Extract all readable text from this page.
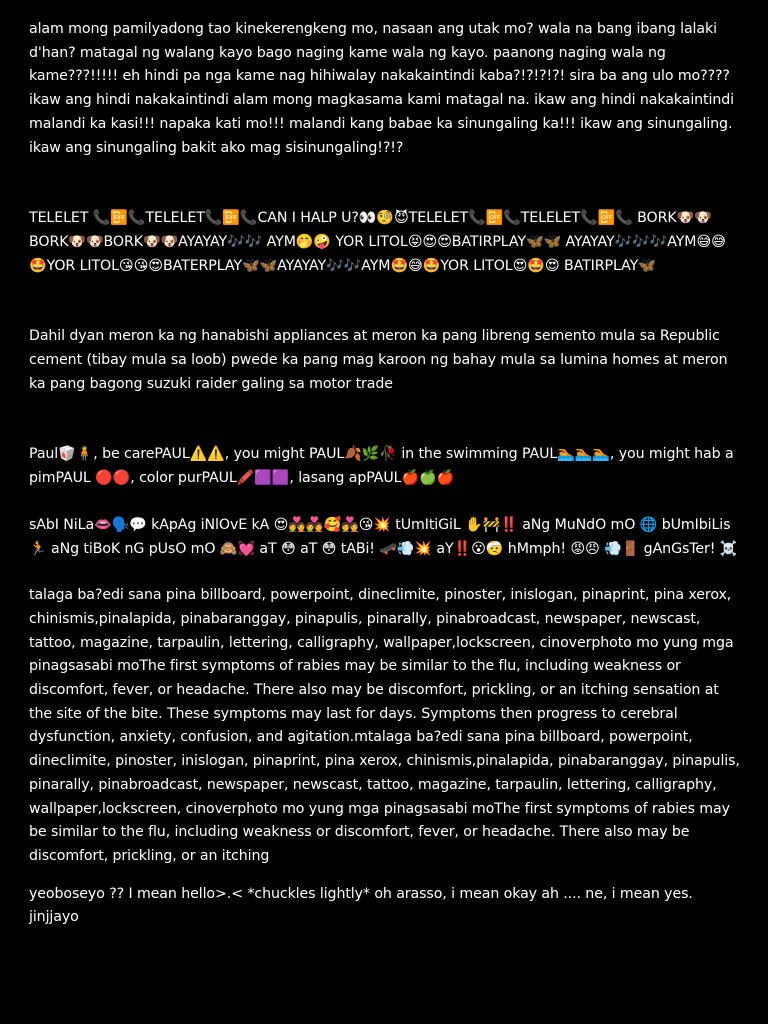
alam mong pamilyadong tao kinekerengkeng mo, nasaan ang utak mo? wala na bang ibang lalaki d'han? matagal ng walang kayo bago naging kame wala ng kayo. paanong naging wala ng kame???!!!!! eh hindi pa nga kame nag hihiwalay nakakaintindi kaba?!?!?!?! sira ba ang ulo mo???? ikaw ang hindi nakakaintindi alam mong magkasama kami matagal na. ikaw ang hindi nakakaintindi malandi ka kasi!!! napaka kati mo!!! malandi kang babae ka sinungaling ka!!! ikaw ang sinungaling. ikaw ang sinungaling bakit ako mag sisinungaling!?!?

TELELET 📞📴📞TELELET📞📴📞CAN I HALP U?👀🧐😈TELELET📞📴📞TELELET📞📴📞 BORK🐶🐶BORK🐶🐶BORK🐶🐶AYAYAY🎶🎶 AYM🤭🤪 YOR LITOL😝😍😍BATIRPLAY🦋🦋 AYAYAY🎶🎶🎶AYM😅😅🤩YOR LITOL😘😘😍BATERPLAY🦋🦋AYAYAY🎶🎶AYM🤩😅🤩YOR LITOL😍🤩😍 BATIRPLAY🦋

Dahil dyan meron ka ng hanabishi appliances at meron ka pang libreng semento mula sa Republic cement (tibay mula sa loob) pwede ka pang mag karoon ng bahay mula sa lumina homes at meron ka pang bagong suzuki raider galing sa motor trade

Paul🥡🧍, be carePAUL⚠️⚠️, you might PAUL🍂🌿🥀 in the swimming PAUL🏊🏊🏊, you might hab a pimPAUL 🔴🔴, color purPAUL🖍️🟪🟪, lasang apPAUL🍎🍏🍎

sAbI NiLa👄🗣️💬 kApAg iNlOvE kA 😍💑💑🥰💑😘💥 tUmItiGiL ✋🚧‼️ aNg MuNdO mO 🌐 bUmIbiLis 🏃 aNg tiBoK nG pUsO mO 🙈💓 aT 😳 aT 😳 tABi! 🛹💨💥 aY‼️😮🤕 hMmph! 😡😠 💨🚪 gAnGsTer! ☠️

talaga ba?edi sana pina billboard, powerpoint, dineclimite, pinoster, inislogan, pinaprint, pina xerox, chinismis,pinalapida, pinabaranggay, pinapulis, pinarally, pinabroadcast, newspaper, newscast, tattoo, magazine, tarpaulin, lettering, calligraphy, wallpaper,lockscreen, cinoverphoto mo yung mga pinagsasabi moThe first symptoms of rabies may be similar to the flu, including weakness or discomfort, fever, or headache. There also may be discomfort, prickling, or an itching sensation at the site of the bite. These symptoms may last for days. Symptoms then progress to cerebral dysfunction, anxiety, confusion, and agitation.mtalaga ba?edi sana pina billboard, powerpoint, dineclimite, pinoster, inislogan, pinaprint, pina xerox, chinismis,pinalapida, pinabaranggay, pinapulis, pinarally, pinabroadcast, newspaper, newscast, tattoo, magazine, tarpaulin, lettering, calligraphy, wallpaper,lockscreen, cinoverphoto mo yung mga pinagsasabi moThe first symptoms of rabies may be similar to the flu, including weakness or discomfort, fever, or headache. There also may be discomfort, prickling, or an itching

yeoboseyo ?? I mean hello>.< *chuckles lightly* oh arasso, i mean okay ah .... ne, i mean yes. jinjjayo
